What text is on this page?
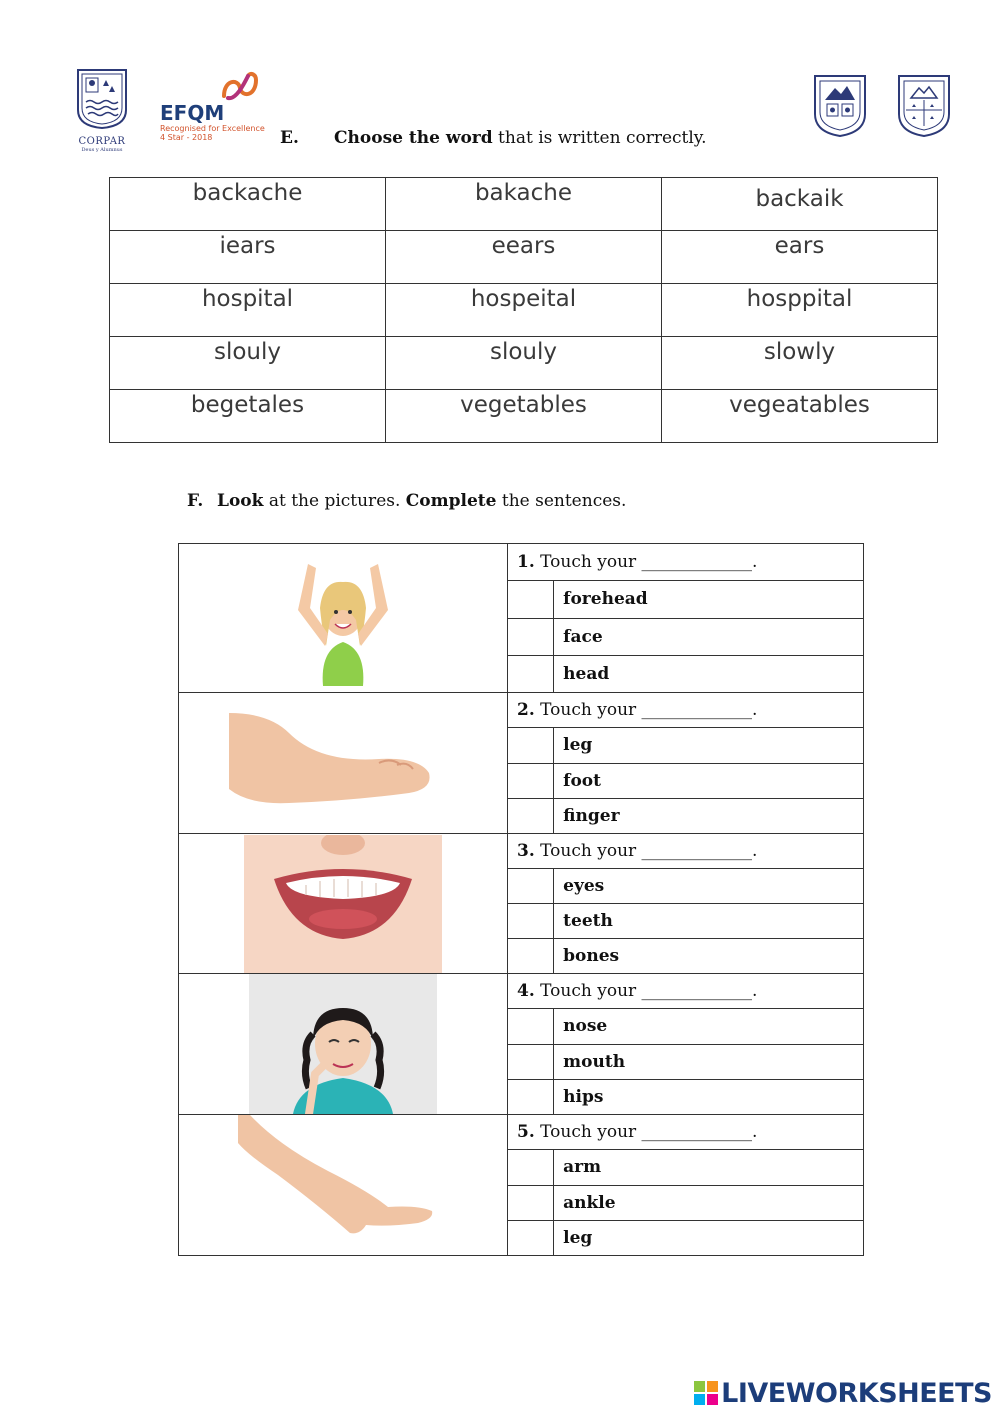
CORPAR
Deus y Alumnus
EFQM
Recognised for Excellence
4 Star - 2018	E. Choose the word that is written correctly.
backache	bakache	backaik

iears	eears	ears

hospital	hospeital	hosppital

slouly	slouly	slowly

begetales	vegetables	vegeatables
F. Look at the pictures. Complete the sentences.
	1. Touch your _____________.	
		forehead
		face
		head

	2. Touch your _____________.	
		leg
		foot
		finger

	3. Touch your _____________.	
		eyes
		teeth
		bones

	4. Touch your _____________.	
		nose
		mouth
		hips

	5. Touch your _____________.	
		arm
		ankle
		leg
LIVEWORKSHEETS
